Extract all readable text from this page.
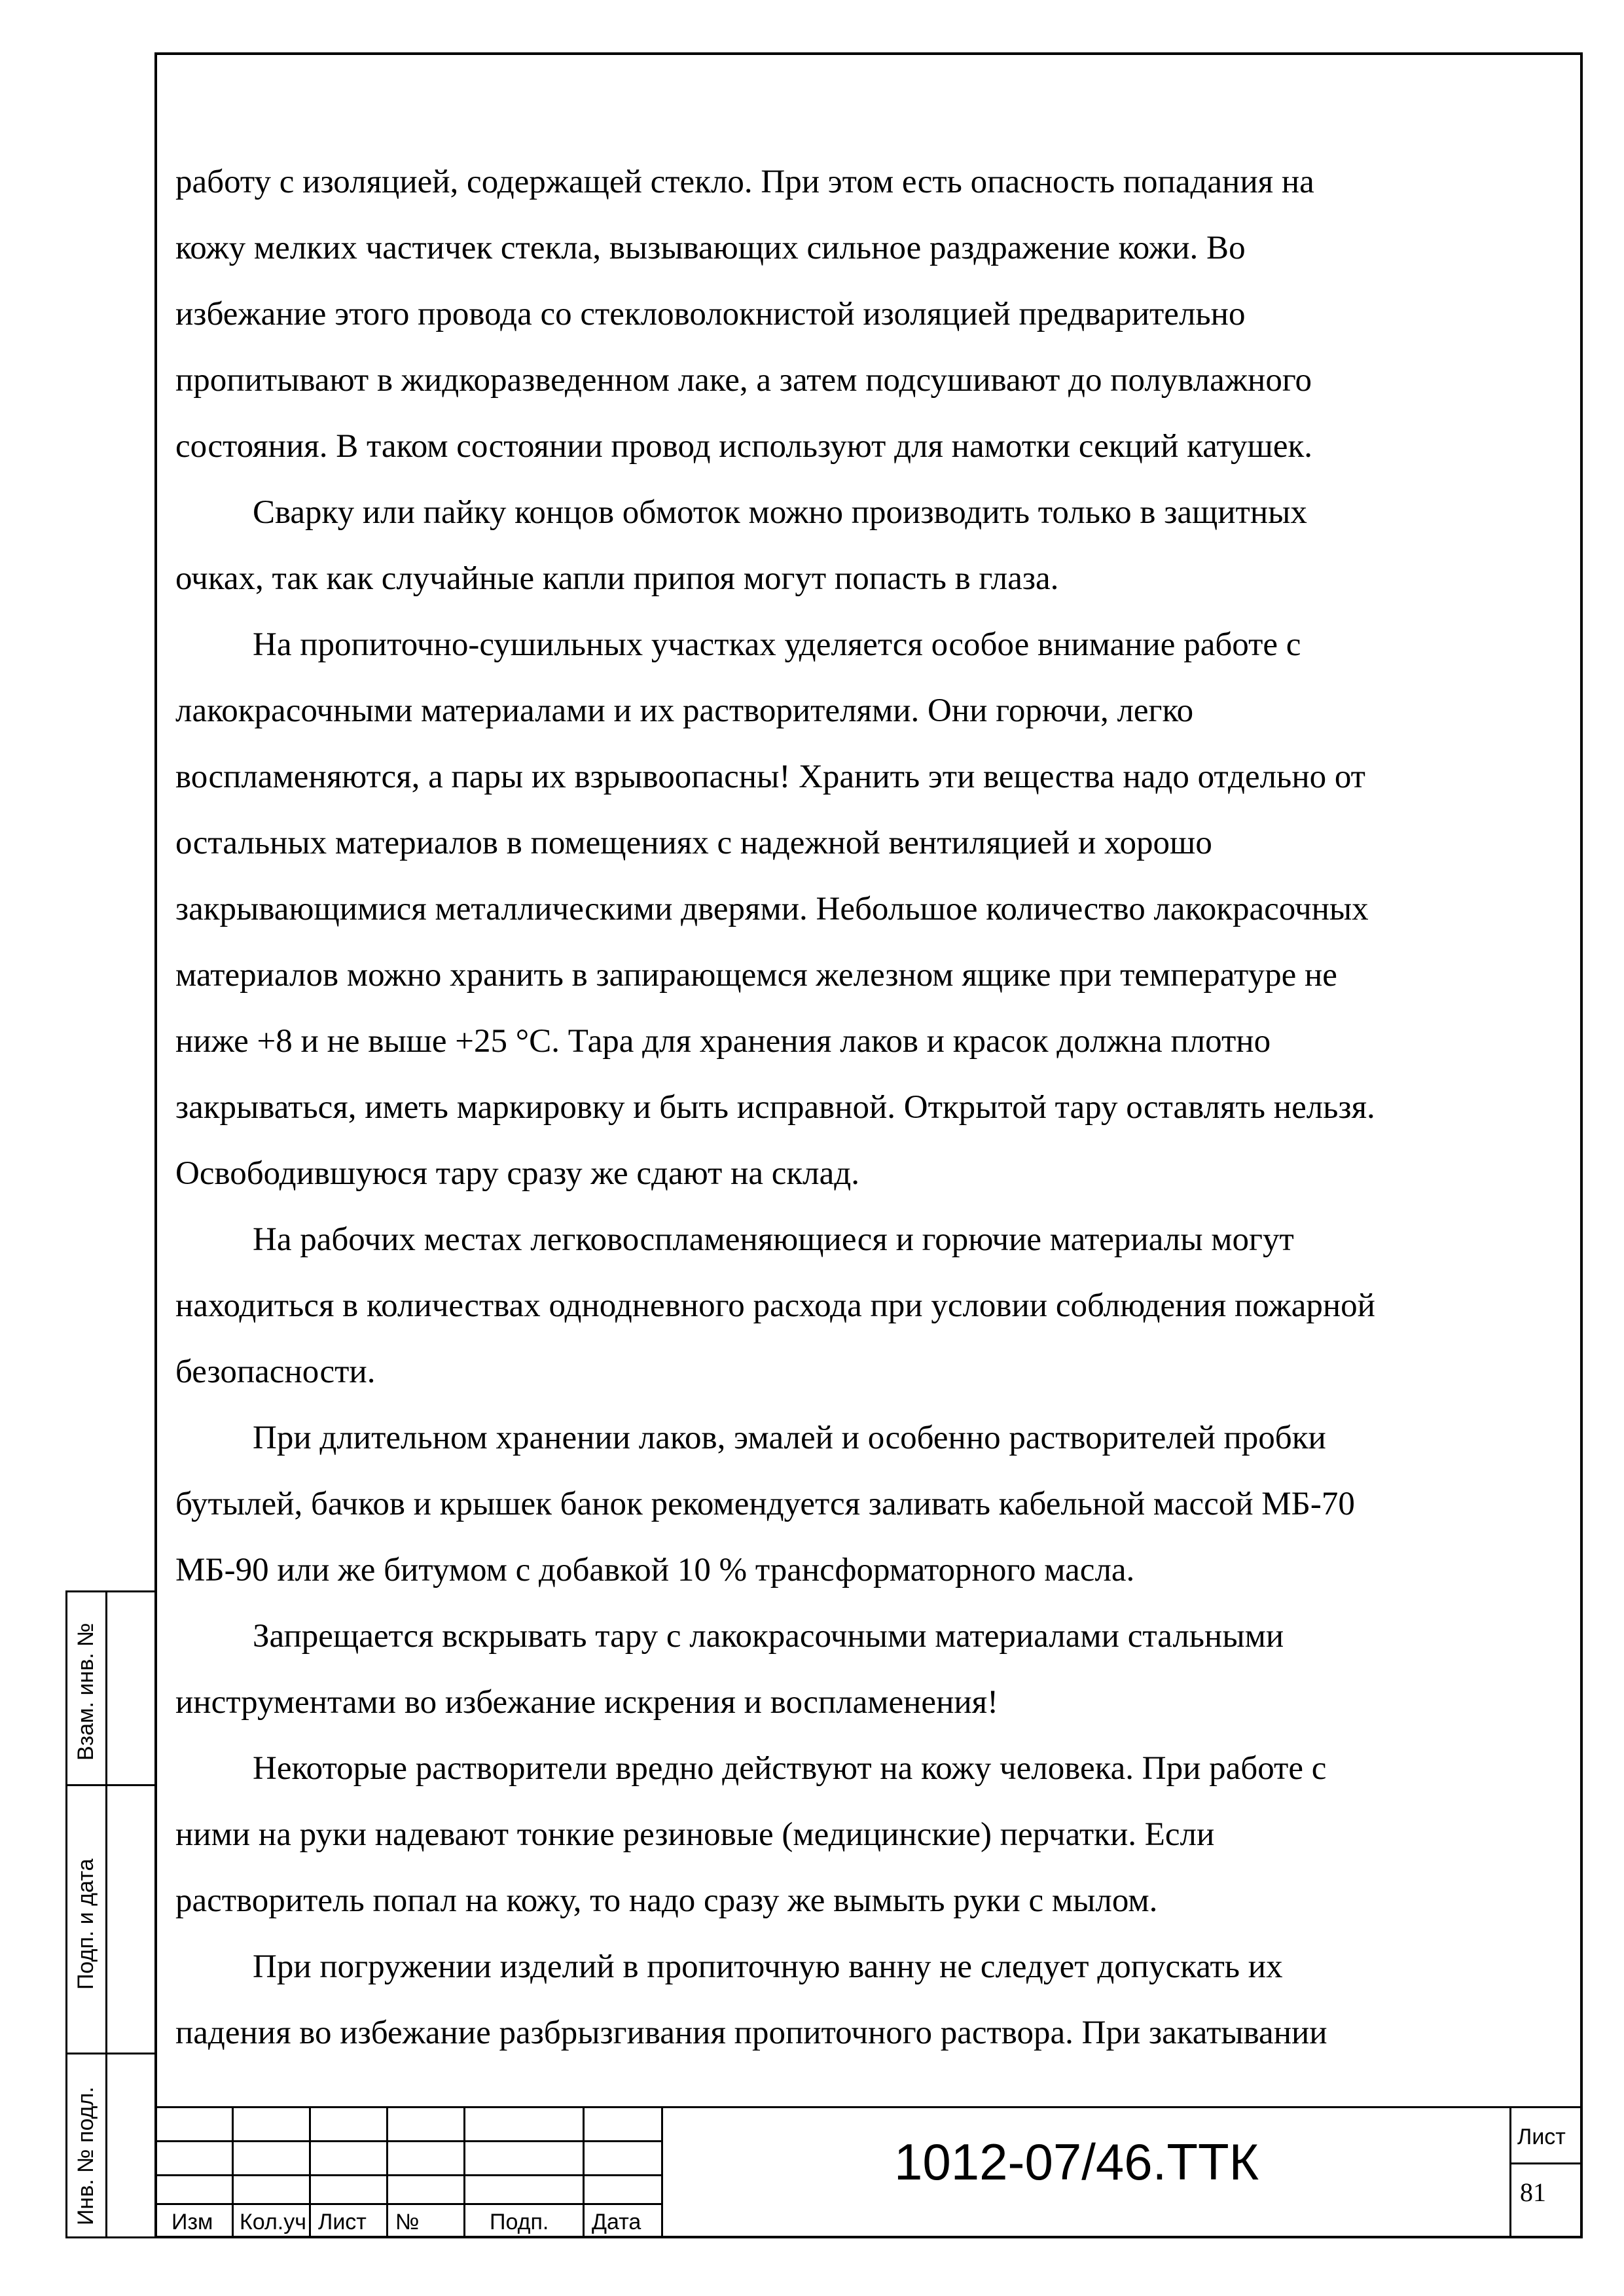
работу с изоляцией, содержащей стекло. При этом есть опасность попадания на
кожу мелких частичек стекла, вызывающих сильное раздражение кожи. Во
избежание этого провода со стекловолокнистой изоляцией предварительно
пропитывают в жидкоразведенном лаке, а затем подсушивают до полувлажного
состояния. В таком состоянии провод используют для намотки секций катушек.
Сварку или пайку концов обмоток можно производить только в защитных
очках, так как случайные капли припоя могут попасть в глаза.
На пропиточно-сушильных участках уделяется особое внимание работе с
лакокрасочными материалами и их растворителями. Они горючи, легко
воспламеняются, а пары их взрывоопасны! Хранить эти вещества надо отдельно от
остальных материалов в помещениях с надежной вентиляцией и хорошо
закрывающимися металлическими дверями. Небольшое количество лакокрасочных
материалов можно хранить в запирающемся железном ящике при температуре не
ниже +8 и не выше +25 °С. Тара для хранения лаков и красок должна плотно
закрываться, иметь маркировку и быть исправной. Открытой тару оставлять нельзя.
Освободившуюся тару сразу же сдают на склад.
На рабочих местах легковоспламеняющиеся и горючие материалы могут
находиться в количествах однодневного расхода при условии соблюдения пожарной
безопасности.
При длительном хранении лаков, эмалей и особенно растворителей пробки
бутылей, бачков и крышек банок рекомендуется заливать кабельной массой МБ-70
МБ-90 или же битумом с добавкой 10 % трансформаторного масла.
Запрещается вскрывать тару с лакокрасочными материалами стальными
инструментами во избежание искрения и воспламенения!
Некоторые растворители вредно действуют на кожу человека. При работе с
ними на руки надевают тонкие резиновые (медицинские) перчатки. Если
растворитель попал на кожу, то надо сразу же вымыть руки с мылом.
При погружении изделий в пропиточную ванну не следует допускать их
падения во избежание разбрызгивания пропиточного раствора. При закатывании
Взам. инв. №
Подп. и дата
Инв. № подл.	Изм Кол.уч Лист №	Подп. Дата
1012-07/46.ТТК	Лист
81
